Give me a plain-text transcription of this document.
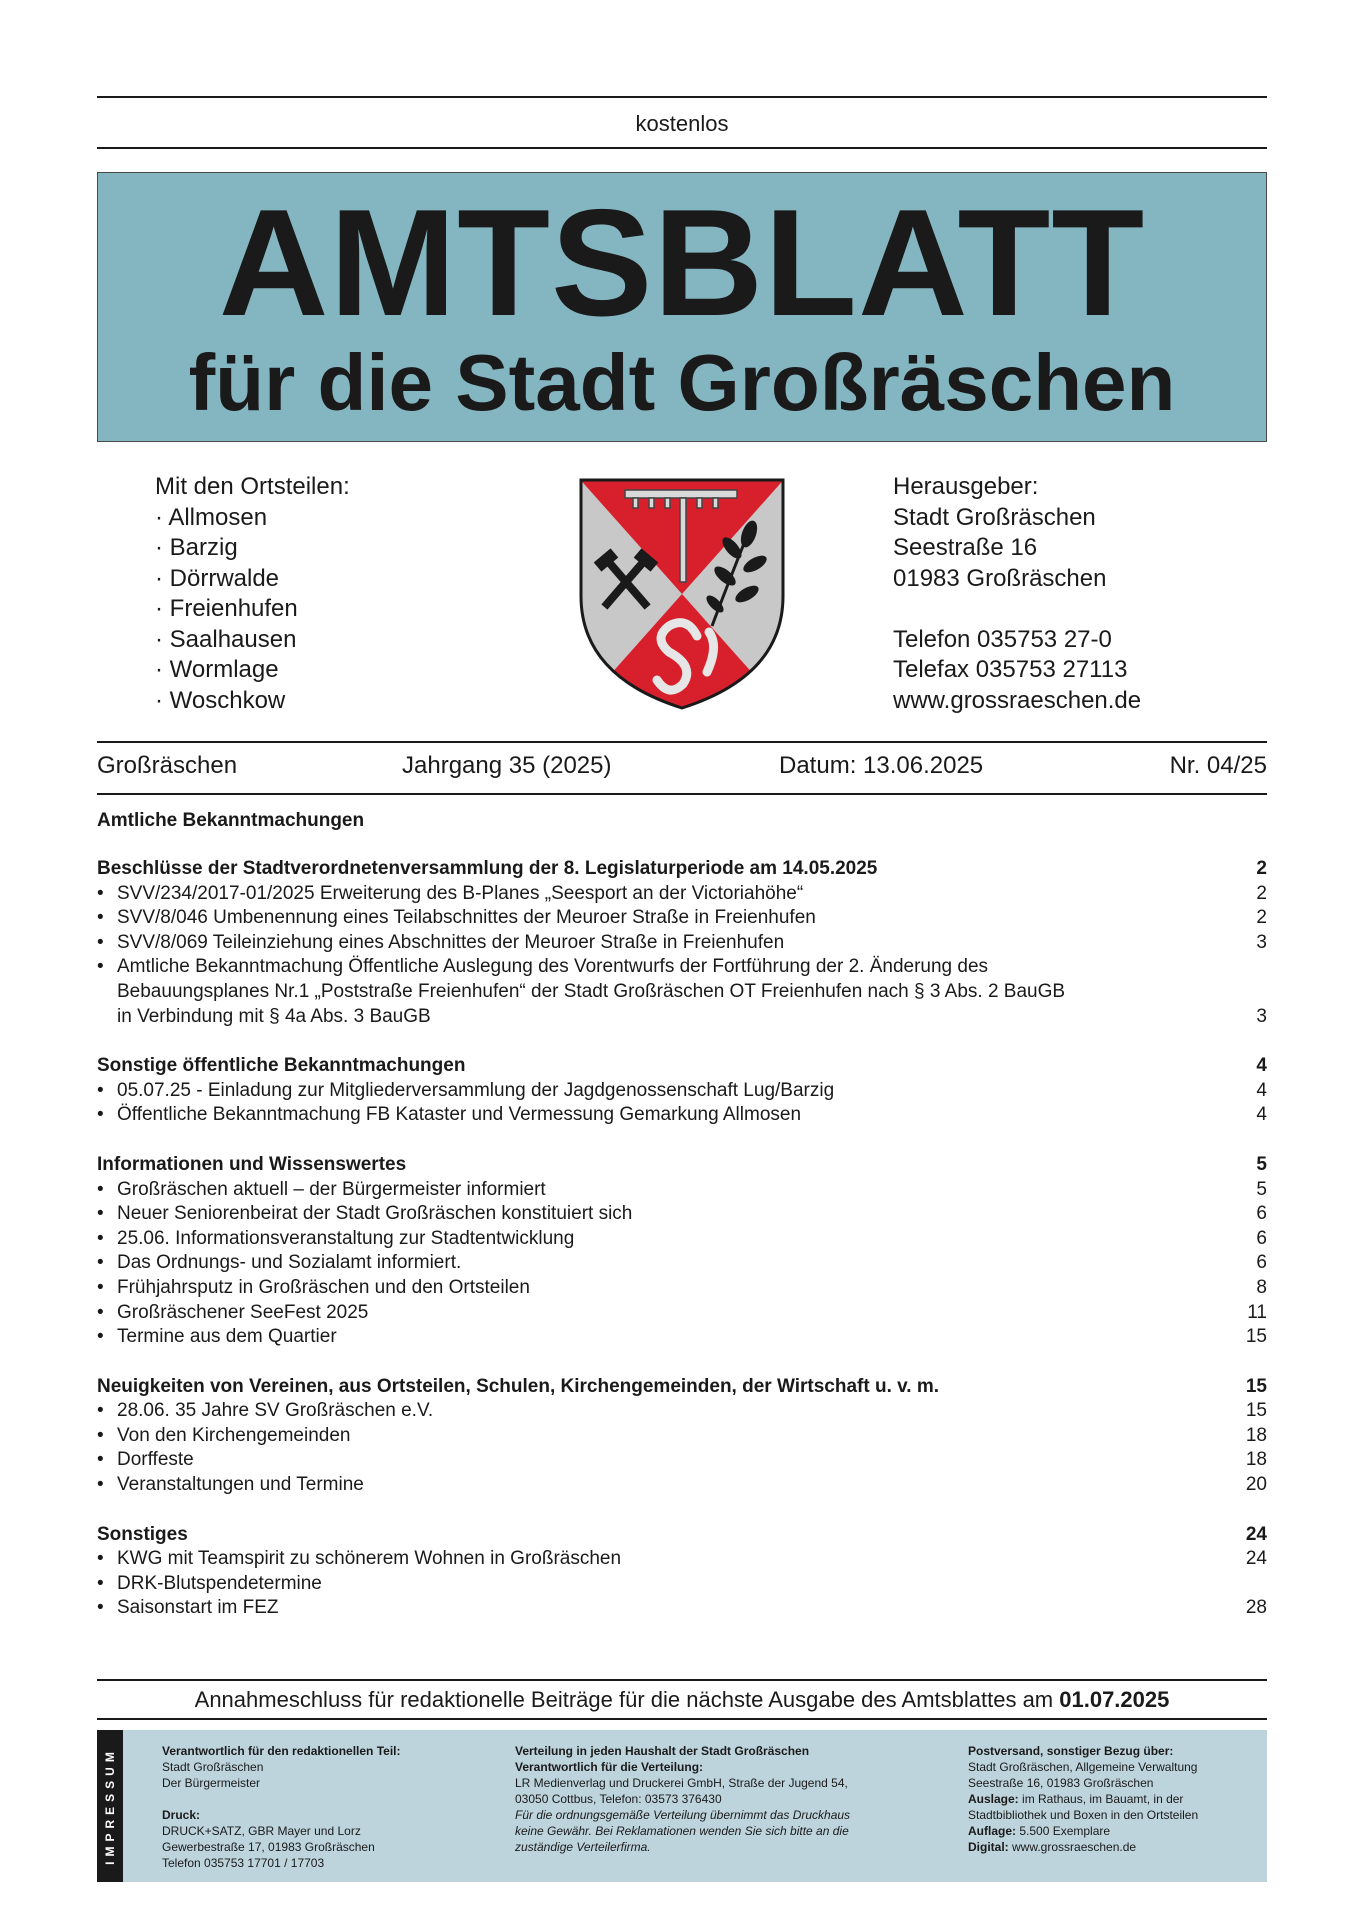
kostenlos
AMTSBLATT
für die Stadt Großräschen
Mit den Ortsteilen:
· Allmosen
· Barzig
· Dörrwalde
· Freienhufen
· Saalhausen
· Wormlage
· Woschkow
Herausgeber:
Stadt Großräschen
Seestraße 16
01983 Großräschen
Telefon 035753 27-0
Telefax 035753 27113
www.grossraeschen.de
Großräschen	Jahrgang 35 (2025)	Datum: 13.06.2025	Nr. 04/25
Amtliche Bekanntmachungen
Beschlüsse der Stadtverordnetenversammlung der 8. Legislaturperiode am 14.05.2025	2
• SVV/234/2017-01/2025 Erweiterung des B-Planes „Seesport an der Victoriahöhe“	2
• SVV/8/046 Umbenennung eines Teilabschnittes der Meuroer Straße in Freienhufen	2
• SVV/8/069 Teileinziehung eines Abschnittes der Meuroer Straße in Freienhufen	3
• Amtliche Bekanntmachung Öffentliche Auslegung des Vorentwurfs der Fortführung der 2. Änderung des
Bebauungsplanes Nr.1 „Poststraße Freienhufen“ der Stadt Großräschen OT Freienhufen nach § 3 Abs. 2 BauGB
in Verbindung mit § 4a Abs. 3 BauGB	3
Sonstige öffentliche Bekanntmachungen	4
• 05.07.25 - Einladung zur Mitgliederversammlung der Jagdgenossenschaft Lug/Barzig	4
• Öffentliche Bekanntmachung FB Kataster und Vermessung Gemarkung Allmosen	4
Informationen und Wissenswertes	5
• Großräschen aktuell – der Bürgermeister informiert	5
• Neuer Seniorenbeirat der Stadt Großräschen konstituiert sich	6
• 25.06. Informationsveranstaltung zur Stadtentwicklung	6
• Das Ordnungs- und Sozialamt informiert.	6
• Frühjahrsputz in Großräschen und den Ortsteilen	8
• Großräschener SeeFest 2025	11
• Termine aus dem Quartier	15
Neuigkeiten von Vereinen, aus Ortsteilen, Schulen, Kirchengemeinden, der Wirtschaft u. v. m.	15
• 28.06. 35 Jahre SV Großräschen e.V.	15
• Von den Kirchengemeinden	18
• Dorffeste	18
• Veranstaltungen und Termine	20
Sonstiges	24
• KWG mit Teamspirit zu schönerem Wohnen in Großräschen	24
• DRK-Blutspendetermine
• Saisonstart im FEZ	28
Annahmeschluss für redaktionelle Beiträge für die nächste Ausgabe des Amtsblattes am 01.07.2025
IMPRESSUM	Verantwortlich für den redaktionellen Teil:
Stadt Großräschen
Der Bürgermeister
Druck:
DRUCK+SATZ, GBR Mayer und Lorz
Gewerbestraße 17, 01983 Großräschen
Telefon 035753 17701 / 17703
Verteilung in jeden Haushalt der Stadt Großräschen
Verantwortlich für die Verteilung:
LR Medienverlag und Druckerei GmbH, Straße der Jugend 54,
03050 Cottbus, Telefon: 03573 376430
Für die ordnungsgemäße Verteilung übernimmt das Druckhaus
keine Gewähr. Bei Reklamationen wenden Sie sich bitte an die
zuständige Verteilerfirma.
Postversand, sonstiger Bezug über:
Stadt Großräschen, Allgemeine Verwaltung
Seestraße 16, 01983 Großräschen
Auslage: im Rathaus, im Bauamt, in der
Stadtbibliothek und Boxen in den Ortsteilen
Auflage: 5.500 Exemplare
Digital: www.grossraeschen.de
